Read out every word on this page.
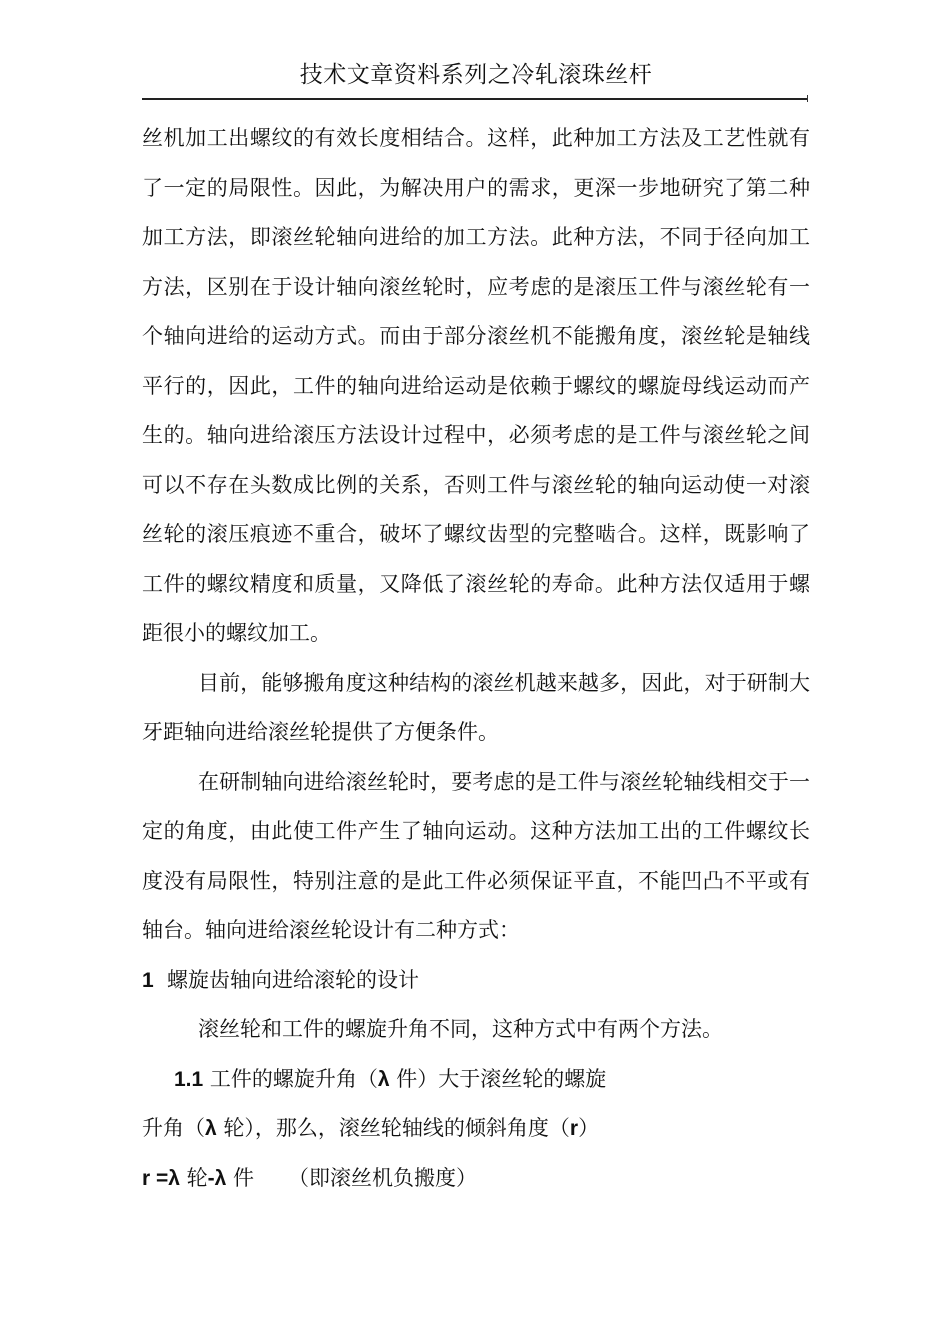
技术文章资料系列之冷轧滚珠丝杆

丝机加工出螺纹的有效长度相结合。这样，此种加工方法及工艺性就有了一定的局限性。因此，为解决用户的需求，更深一步地研究了第二种加工方法，即滚丝轮轴向进给的加工方法。此种方法，不同于径向加工方法，区别在于设计轴向滚丝轮时，应考虑的是滚压工件与滚丝轮有一个轴向进给的运动方式。而由于部分滚丝机不能搬角度，滚丝轮是轴线平行的，因此，工件的轴向进给运动是依赖于螺纹的螺旋母线运动而产生的。轴向进给滚压方法设计过程中，必须考虑的是工件与滚丝轮之间可以不存在头数成比例的关系，否则工件与滚丝轮的轴向运动使一对滚丝轮的滚压痕迹不重合，破坏了螺纹齿型的完整啮合。这样，既影响了工件的螺纹精度和质量，又降低了滚丝轮的寿命。此种方法仅适用于螺距很小的螺纹加工。

目前，能够搬角度这种结构的滚丝机越来越多，因此，对于研制大牙距轴向进给滚丝轮提供了方便条件。

在研制轴向进给滚丝轮时，要考虑的是工件与滚丝轮轴线相交于一定的角度，由此使工件产生了轴向运动。这种方法加工出的工件螺纹长度没有局限性，特别注意的是此工件必须保证平直，不能凹凸不平或有轴台。轴向进给滚丝轮设计有二种方式：

1 螺旋齿轴向进给滚轮的设计

滚丝轮和工件的螺旋升角不同，这种方式中有两个方法。

1.1 工件的螺旋升角（λ 件）大于滚丝轮的螺旋

升角（λ 轮），那么，滚丝轮轴线的倾斜角度（r）

r =λ 轮-λ 件 （即滚丝机负搬度）
